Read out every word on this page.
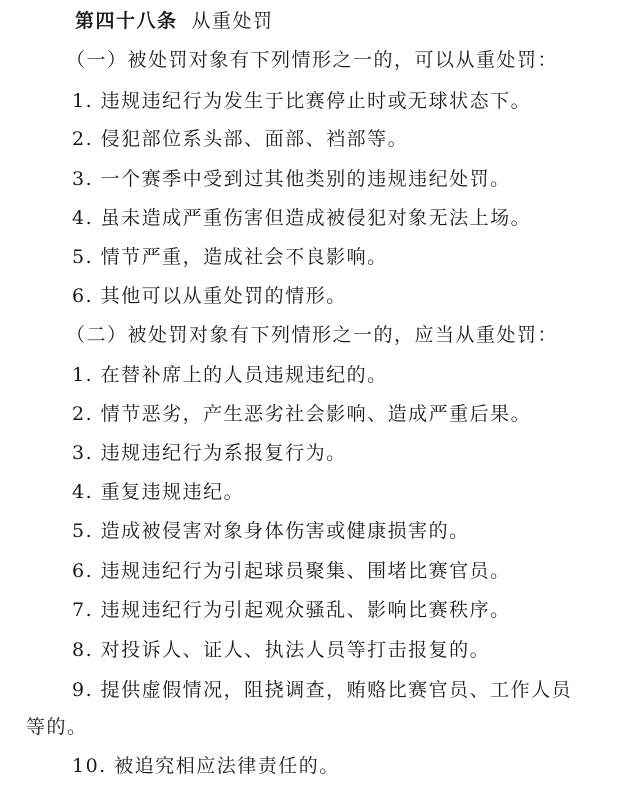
第四十八条 从重处罚
（一）被处罚对象有下列情形之一的，可以从重处罚：
1. 违规违纪行为发生于比赛停止时或无球状态下。
2. 侵犯部位系头部、面部、裆部等。
3. 一个赛季中受到过其他类别的违规违纪处罚。
4. 虽未造成严重伤害但造成被侵犯对象无法上场。
5. 情节严重，造成社会不良影响。
6. 其他可以从重处罚的情形。
（二）被处罚对象有下列情形之一的，应当从重处罚：
1. 在替补席上的人员违规违纪的。
2. 情节恶劣，产生恶劣社会影响、造成严重后果。
3. 违规违纪行为系报复行为。
4. 重复违规违纪。
5. 造成被侵害对象身体伤害或健康损害的。
6. 违规违纪行为引起球员聚集、围堵比赛官员。
7. 违规违纪行为引起观众骚乱、影响比赛秩序。
8. 对投诉人、证人、执法人员等打击报复的。
9. 提供虚假情况，阻挠调查，贿赂比赛官员、工作人员
等的。
10. 被追究相应法律责任的。
